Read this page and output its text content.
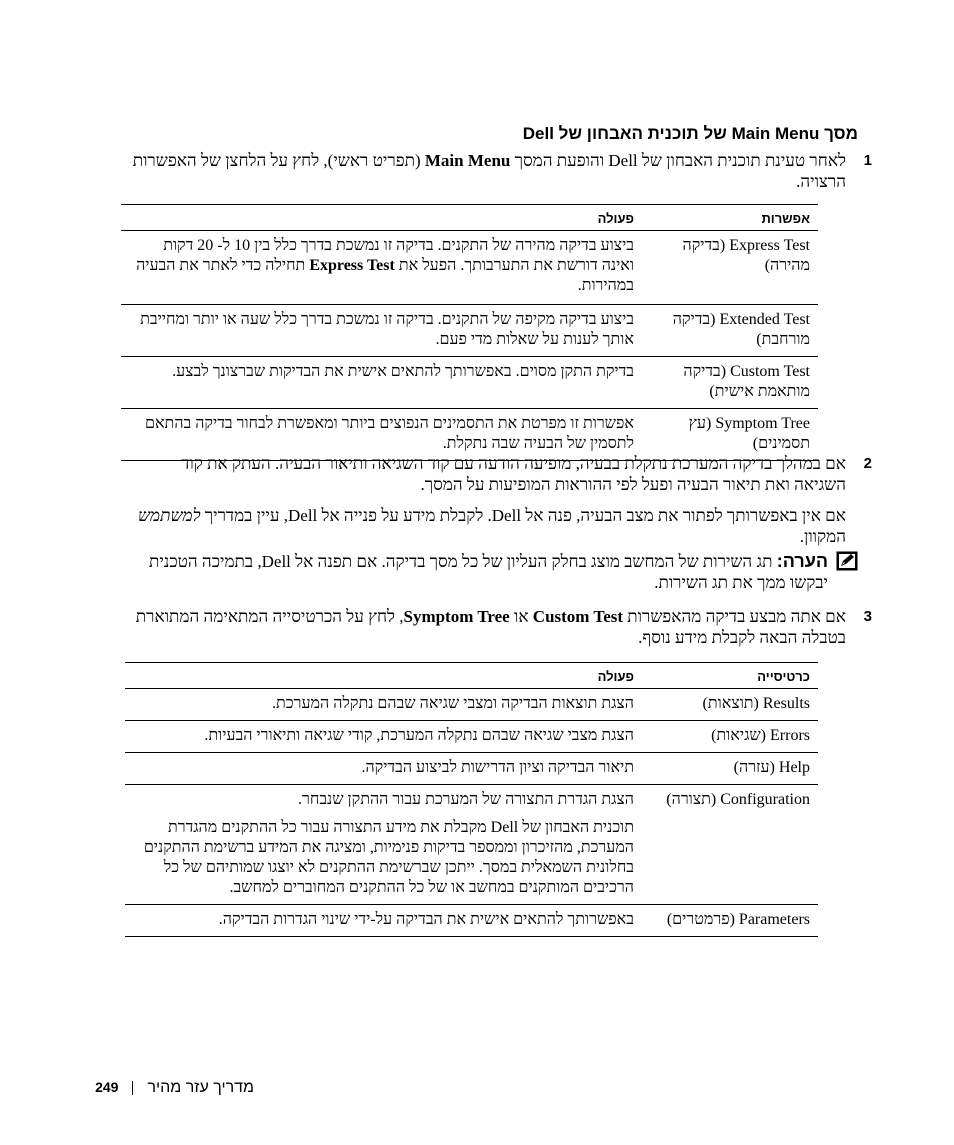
מסך Main Menu של תוכנית האבחון של Dell
1

לאחר טעינת תוכנית האבחון של Dell והופעת המסך Main Menu (תפריט ראשי), לחץ על הלחצן של האפשרות הרצויה.

אפשרות	פעולה
Express Test (בדיקה מהירה)	ביצוע בדיקה מהירה של התקנים. בדיקה זו נמשכת בדרך כלל בין 10 ל- 20 דקות ואינה דורשת את התערבותך. הפעל את Express Test תחילה כדי לאתר את הבעיה במהירות.
Extended Test (בדיקה מורחבת)	ביצוע בדיקה מקיפה של התקנים. בדיקה זו נמשכת בדרך כלל שעה או יותר ומחייבת אותך לענות על שאלות מדי פעם.
Custom Test (בדיקה מותאמת אישית)	בדיקת התקן מסוים. באפשרותך להתאים אישית את הבדיקות שברצונך לבצע.
Symptom Tree (עץ תסמינים)	אפשרות זו מפרטת את התסמינים הנפוצים ביותר ומאפשרת לבחור בדיקה בהתאם לתסמין של הבעיה שבה נתקלת.
2

אם במהלך בדיקה המערכת נתקלת בבעיה, מופיעה הודעה עם קוד השגיאה ותיאור הבעיה. העתק את קוד השגיאה ואת תיאור הבעיה ופעל לפי ההוראות המופיעות על המסך.

אם אין באפשרותך לפתור את מצב הבעיה, פנה אל Dell. לקבלת מידע על פנייה אל Dell, עיין במדריך למשתמש המקוון.

הערה: תג השירות של המחשב מוצג בחלק העליון של כל מסך בדיקה. אם תפנה אל Dell, בתמיכה הטכנית יבקשו ממך את תג השירות.
3

אם אתה מבצע בדיקה מהאפשרות Custom Test או Symptom Tree, לחץ על הכרטיסייה המתאימה המתוארת בטבלה הבאה לקבלת מידע נוסף.

כרטיסייה	פעולה
Results (תוצאות)	הצגת תוצאות הבדיקה ומצבי שגיאה שבהם נתקלה המערכת.
Errors (שגיאות)	הצגת מצבי שגיאה שבהם נתקלה המערכת, קודי שגיאה ותיאורי הבעיות.
Help (עזרה)	תיאור הבדיקה וציון הדרישות לביצוע הבדיקה.
Configuration (תצורה)	הצגת הגדרת התצורה של המערכת עבור ההתקן שנבחר.

תוכנית האבחון של Dell מקבלת את מידע התצורה עבור כל ההתקנים מהגדרת המערכת, מהזיכרון וממספר בדיקות פנימיות, ומציגה את המידע ברשימת ההתקנים בחלונית השמאלית במסך. ייתכן שברשימת ההתקנים לא יוצגו שמותיהם של כל הרכיבים המותקנים במחשב או של כל ההתקנים המחוברים למחשב.

Parameters (פרמטרים)	באפשרותך להתאים אישית את הבדיקה על-ידי שינוי הגדרות הבדיקה.
מדריך עזר מהיר249
